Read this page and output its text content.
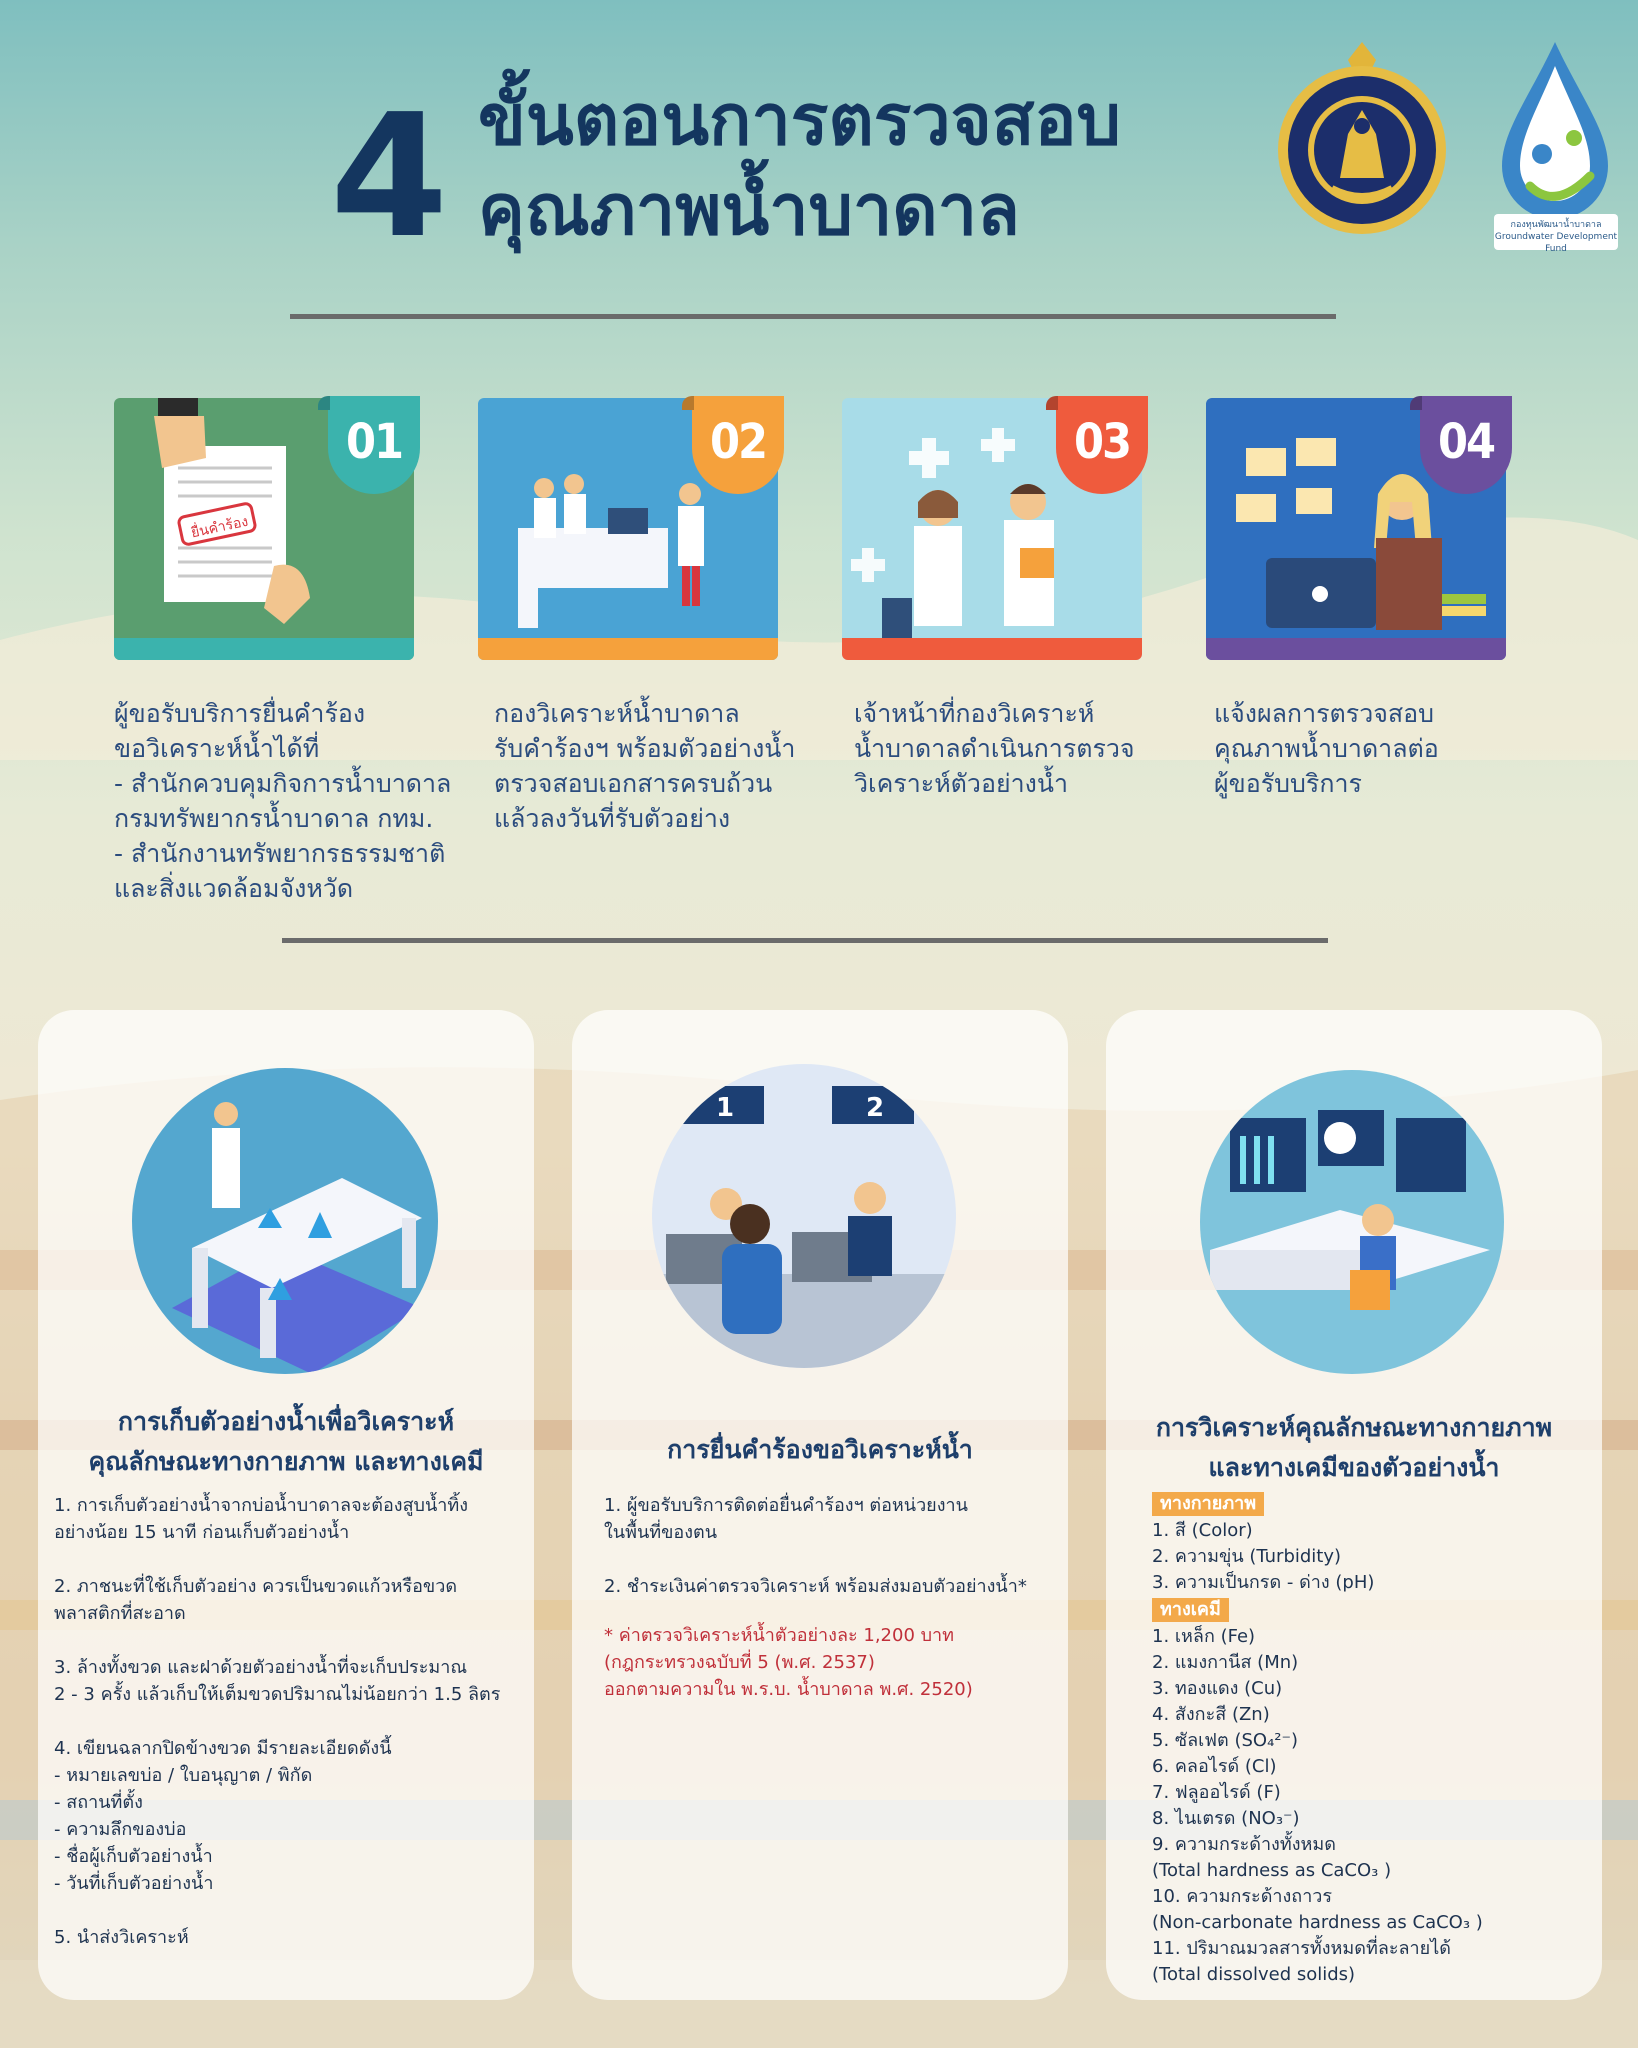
4 ขั้นตอนการตรวจสอบ
คุณภาพน้ำบาดาล	กองทุนพัฒนาน้ำบาดาล
Groundwater Development Fund
ยื่นคำร้อง
01
ผู้ขอรับบริการยื่นคำร้อง
ขอวิเคราะห์น้ำได้ที่
- สำนักควบคุมกิจการน้ำบาดาล
กรมทรัพยากรน้ำบาดาล กทม.
- สำนักงานทรัพยากรธรรมชาติ
และสิ่งแวดล้อมจังหวัด
02
กองวิเคราะห์น้ำบาดาล
รับคำร้องฯ พร้อมตัวอย่างน้ำ
ตรวจสอบเอกสารครบถ้วน
แล้วลงวันที่รับตัวอย่าง
03
เจ้าหน้าที่กองวิเคราะห์
น้ำบาดาลดำเนินการตรวจ
วิเคราะห์ตัวอย่างน้ำ
04
แจ้งผลการตรวจสอบ
คุณภาพน้ำบาดาลต่อ
ผู้ขอรับบริการ
การเก็บตัวอย่างน้ำเพื่อวิเคราะห์
คุณลักษณะทางกายภาพ และทางเคมี
1. การเก็บตัวอย่างน้ำจากบ่อน้ำบาดาลจะต้องสูบน้ำทิ้ง
อย่างน้อย 15 นาที ก่อนเก็บตัวอย่างน้ำ

2. ภาชนะที่ใช้เก็บตัวอย่าง ควรเป็นขวดแก้วหรือขวด
พลาสติกที่สะอาด

3. ล้างทั้งขวด และฝาด้วยตัวอย่างน้ำที่จะเก็บประมาณ
2 - 3 ครั้ง แล้วเก็บให้เต็มขวดปริมาณไม่น้อยกว่า 1.5 ลิตร

4. เขียนฉลากปิดข้างขวด มีรายละเอียดดังนี้
- หมายเลขบ่อ / ใบอนุญาต / พิกัด
- สถานที่ตั้ง
- ความลึกของบ่อ
- ชื่อผู้เก็บตัวอย่างน้ำ
- วันที่เก็บตัวอย่างน้ำ

5. นำส่งวิเคราะห์
1	2
การยื่นคำร้องขอวิเคราะห์น้ำ
1. ผู้ขอรับบริการติดต่อยื่นคำร้องฯ ต่อหน่วยงาน
ในพื้นที่ของตน

2. ชำระเงินค่าตรวจวิเคราะห์ พร้อมส่งมอบตัวอย่างน้ำ*
* ค่าตรวจวิเคราะห์น้ำตัวอย่างละ 1,200 บาท
(กฎกระทรวงฉบับที่ 5 (พ.ศ. 2537)
ออกตามความใน พ.ร.บ. น้ำบาดาล พ.ศ. 2520)
การวิเคราะห์คุณลักษณะทางกายภาพ
และทางเคมีของตัวอย่างน้ำ
ทางกายภาพ
1. สี (Color)
2. ความขุ่น (Turbidity)
3. ความเป็นกรด - ด่าง (pH)
ทางเคมี
1. เหล็ก (Fe)
2. แมงกานีส (Mn)
3. ทองแดง (Cu)
4. สังกะสี (Zn)
5. ซัลเฟต (SO₄²⁻)
6. คลอไรด์ (Cl)
7. ฟลูออไรด์ (F)
8. ไนเตรด (NO₃⁻)
9. ความกระด้างทั้งหมด
(Total hardness as CaCO₃ )
10. ความกระด้างถาวร
(Non-carbonate hardness as CaCO₃ )
11. ปริมาณมวลสารทั้งหมดที่ละลายได้
(Total dissolved solids)
